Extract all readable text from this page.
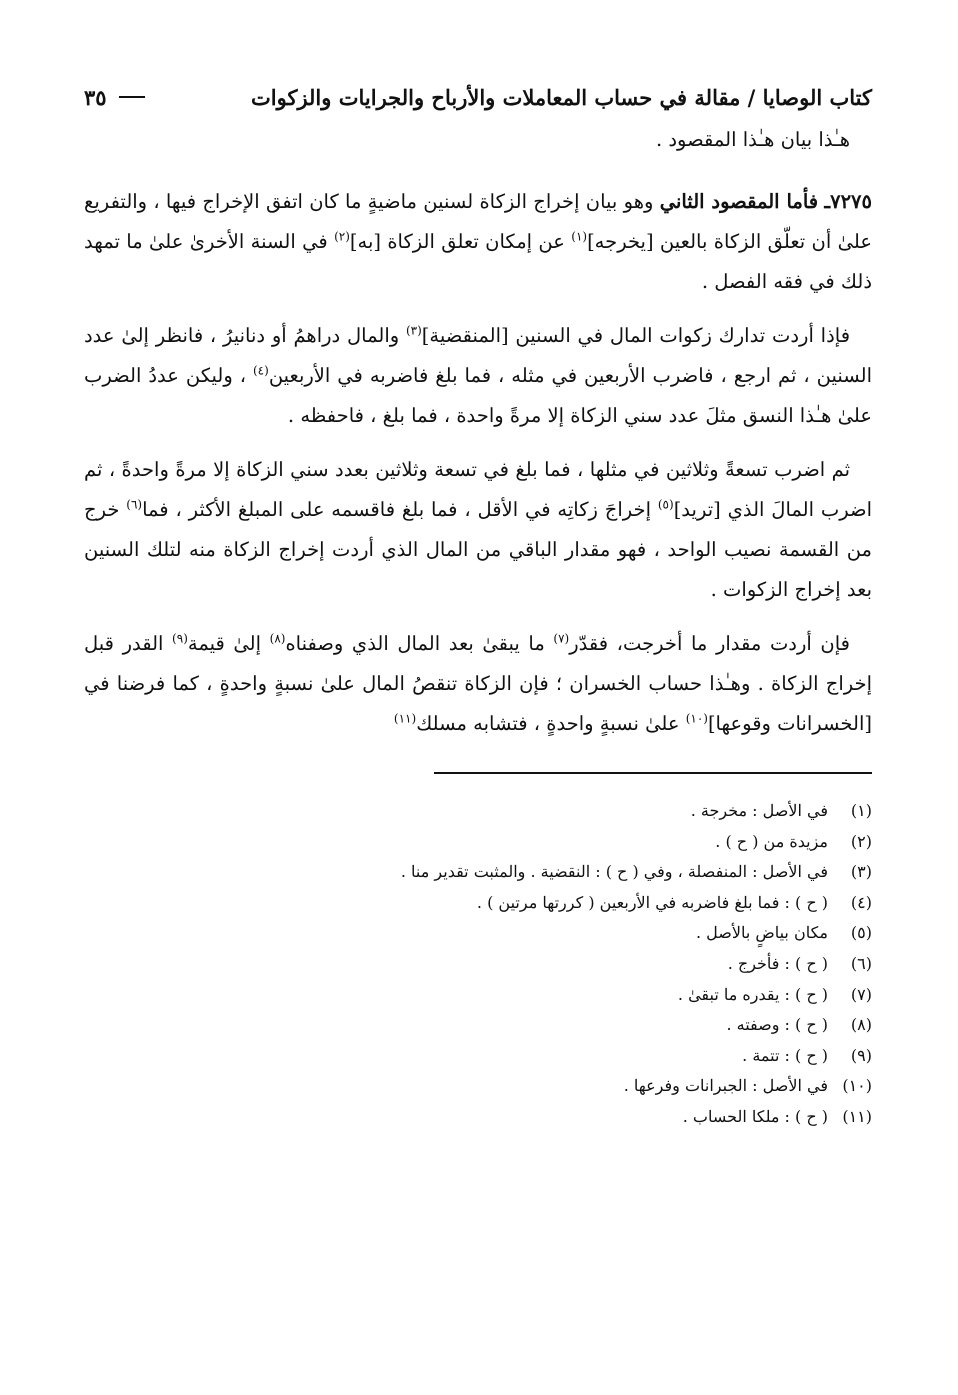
كتاب الوصايا / مقالة في حساب المعاملات والأرباح والجرايات والزكوات
٣٥

هـٰذا بيان هـٰذا المقصود .

٧٢٧٥ـ فأما المقصود الثاني وهو بيان إخراج الزكاة لسنين ماضيةٍ ما كان اتفق الإخراج فيها ، والتفريع علىٰ أن تعلّق الزكاة بالعين [يخرجه]$^{(١)}$ عن إمكان تعلق الزكاة [به]$^{(٢)}$ في السنة الأخرىٰ علىٰ ما تمهد ذلك في فقه الفصل .

فإذا أردت تدارك زكوات المال في السنين [المنقضية]$^{(٣)}$ والمال دراهمُ أو دنانيرُ ، فانظر إلىٰ عدد السنين ، ثم ارجع ، فاضرب الأربعين في مثله ، فما بلغ فاضربه في الأربعين$^{(٤)}$ ، وليكن عددُ الضرب علىٰ هـٰذا النسق مثلَ عدد سني الزكاة إلا مرةً واحدة ، فما بلغ ، فاحفظه .

ثم اضرب تسعةً وثلاثين في مثلها ، فما بلغ في تسعة وثلاثين بعدد سني الزكاة إلا مرةً واحدةً ، ثم اضرب المالَ الذي [تريد]$^{(٥)}$ إخراجَ زكاتِه في الأقل ، فما بلغ فاقسمه على المبلغ الأكثر ، فما$^{(٦)}$ خرج من القسمة نصيب الواحد ، فهو مقدار الباقي من المال الذي أردت إخراج الزكاة منه لتلك السنين بعد إخراج الزكوات .

فإن أردت مقدار ما أخرجت، فقدّر$^{(٧)}$ ما يبقىٰ بعد المال الذي وصفناه$^{(٨)}$ إلىٰ قيمة$^{(٩)}$ القدر قبل إخراج الزكاة . وهـٰذا حساب الخسران ؛ فإن الزكاة تنقصُ المال علىٰ نسبةٍ واحدةٍ ، كما فرضنا في [الخسرانات وقوعها]$^{(١٠)}$ علىٰ نسبةٍ واحدةٍ ، فتشابه مسلك$^{(١١)}$

(١)
في الأصل : مخرجة .
(٢)
مزيدة من ( ح ) .
(٣)
في الأصل : المنفصلة ، وفي ( ح ) : النقضية . والمثبت تقدير منا .
(٤)
( ح ) : فما بلغ فاضربه في الأربعين ( كررتها مرتين ) .
(٥)
مكان بياضٍ بالأصل .
(٦)
( ح ) : فأخرج .
(٧)
( ح ) : يقدره ما تبقىٰ .
(٨)
( ح ) : وصفته .
(٩)
( ح ) : تتمة .
(١٠)
في الأصل : الجبرانات وفرعها .
(١١)
( ح ) : ملكا الحساب .
